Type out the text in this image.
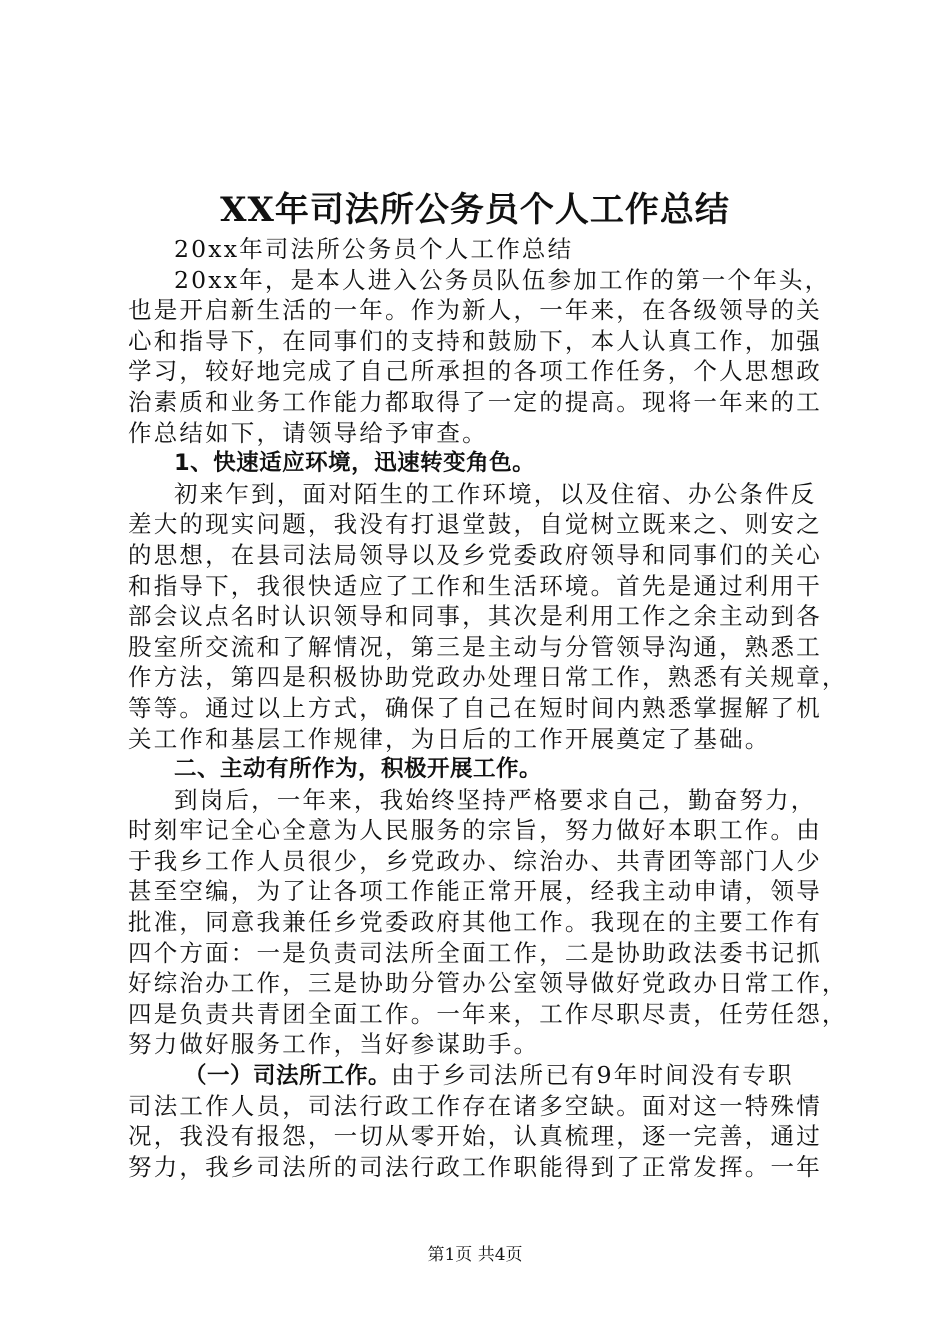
XX年司法所公务员个人工作总结
20xx年司法所公务员个人工作总结
20xx年，是本人进入公务员队伍参加工作的第一个年头，
也是开启新生活的一年。作为新人，一年来，在各级领导的关
心和指导下，在同事们的支持和鼓励下，本人认真工作，加强
学习，较好地完成了自己所承担的各项工作任务，个人思想政
治素质和业务工作能力都取得了一定的提高。现将一年来的工
作总结如下，请领导给予审查。
1、快速适应环境，迅速转变角色。
初来乍到，面对陌生的工作环境，以及住宿、办公条件反
差大的现实问题，我没有打退堂鼓，自觉树立既来之、则安之
的思想，在县司法局领导以及乡党委政府领导和同事们的关心
和指导下，我很快适应了工作和生活环境。首先是通过利用干
部会议点名时认识领导和同事，其次是利用工作之余主动到各
股室所交流和了解情况，第三是主动与分管领导沟通，熟悉工
作方法，第四是积极协助党政办处理日常工作，熟悉有关规章，
等等。通过以上方式，确保了自己在短时间内熟悉掌握解了机
关工作和基层工作规律，为日后的工作开展奠定了基础。
二、主动有所作为，积极开展工作。
到岗后，一年来，我始终坚持严格要求自己，勤奋努力，
时刻牢记全心全意为人民服务的宗旨，努力做好本职工作。由
于我乡工作人员很少，乡党政办、综治办、共青团等部门人少
甚至空编，为了让各项工作能正常开展，经我主动申请，领导
批准，同意我兼任乡党委政府其他工作。我现在的主要工作有
四个方面：一是负责司法所全面工作，二是协助政法委书记抓
好综治办工作，三是协助分管办公室领导做好党政办日常工作，
四是负责共青团全面工作。一年来，工作尽职尽责，任劳任怨，
努力做好服务工作，当好参谋助手。
（一）司法所工作。由于乡司法所已有9年时间没有专职
司法工作人员，司法行政工作存在诸多空缺。面对这一特殊情
况，我没有报怨，一切从零开始，认真梳理，逐一完善，通过
努力，我乡司法所的司法行政工作职能得到了正常发挥。一年
第1页 共4页
